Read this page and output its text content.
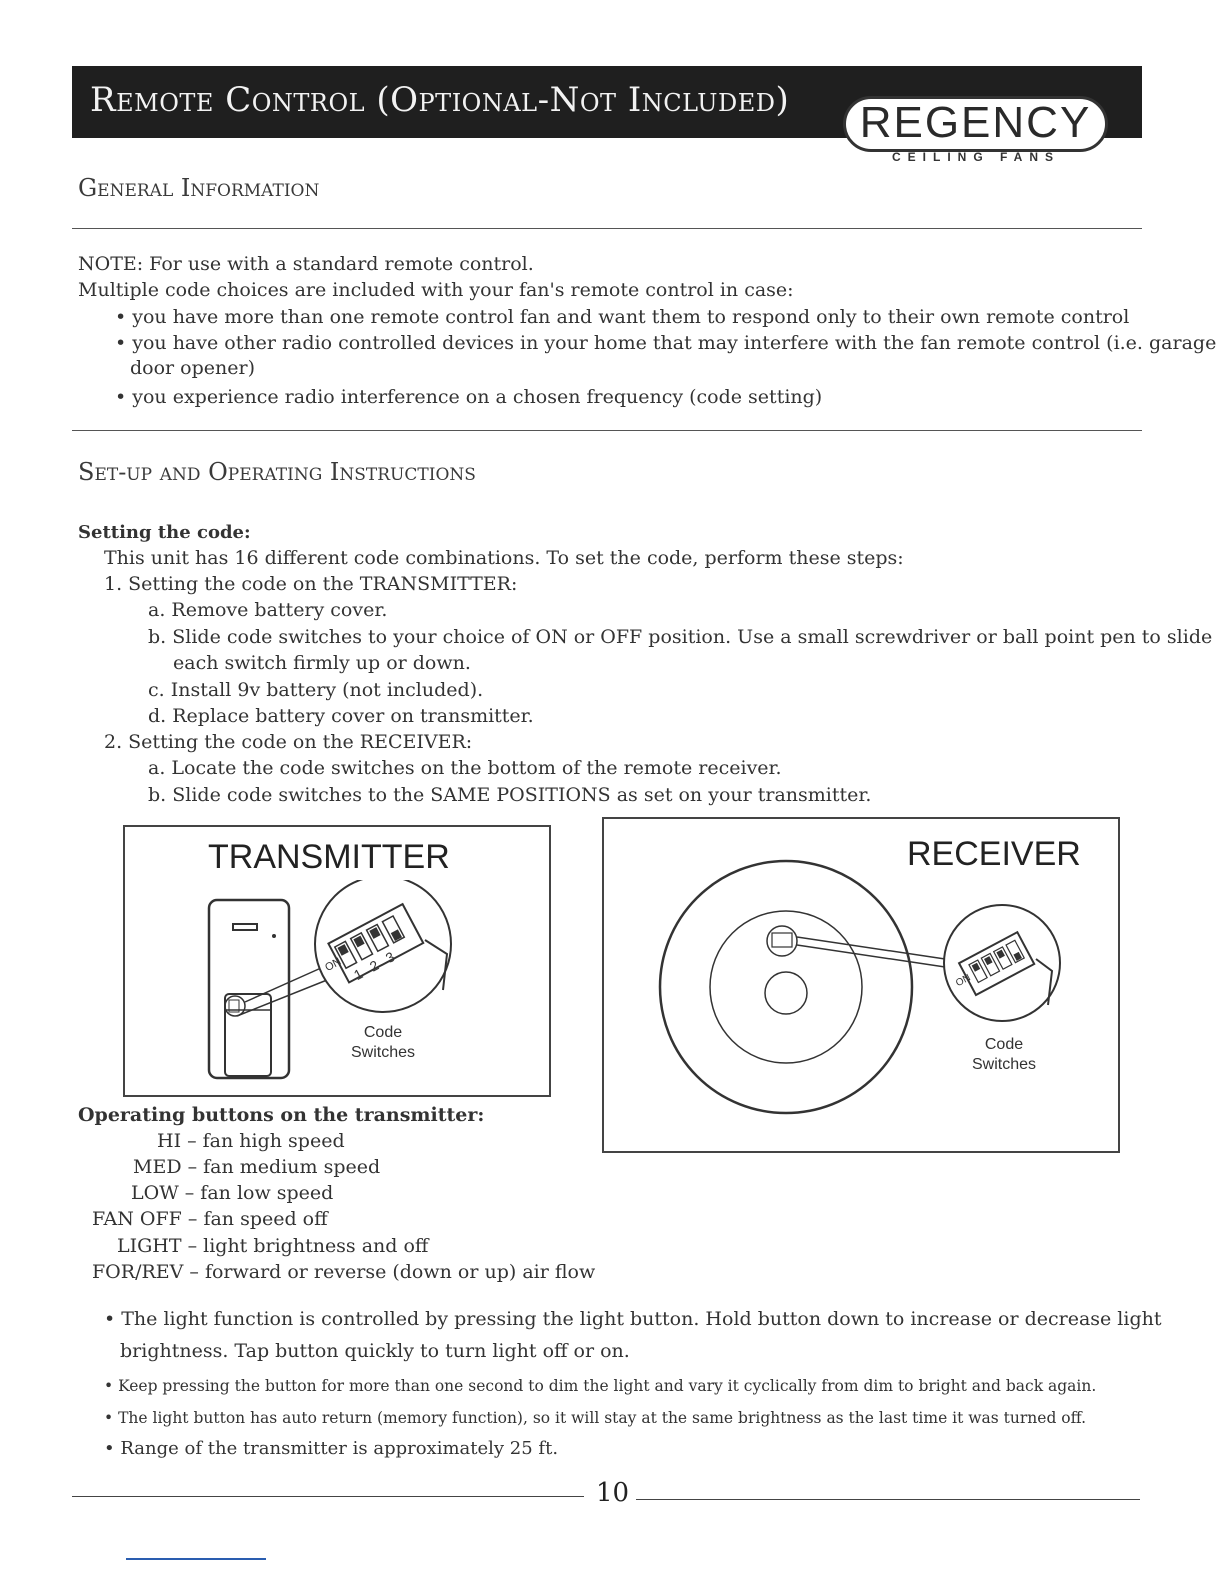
Remote Control (Optional-Not Included)	REGENCY
CEILING FANS
General Information
NOTE: For use with a standard remote control.
Multiple code choices are included with your fan's remote control in case:
• you have more than one remote control fan and want them to respond only to their own remote control
• you have other radio controlled devices in your home that may interfere with the fan remote control (i.e. garage
door opener)
• you experience radio interference on a chosen frequency (code setting)
Set-up and Operating Instructions
Setting the code:
This unit has 16 different code combinations. To set the code, perform these steps:
1. Setting the code on the TRANSMITTER:
a. Remove battery cover.
b. Slide code switches to your choice of ON or OFF position. Use a small screwdriver or ball point pen to slide
each switch firmly up or down.
c. Install 9v battery (not included).
d. Replace battery cover on transmitter.
2. Setting the code on the RECEIVER:
a. Locate the code switches on the bottom of the remote receiver.
b. Slide code switches to the SAME POSITIONS as set on your transmitter.
TRANSMITTER
ON
1 2 3
Code
Switches
RECEIVER
ON
Code
Switches
Operating buttons on the transmitter:
HI – fan high speed
MED – fan medium speed
LOW – fan low speed
FAN OFF – fan speed off
LIGHT – light brightness and off
FOR/REV – forward or reverse (down or up) air flow
• The light function is controlled by pressing the light button. Hold button down to increase or decrease light
brightness. Tap button quickly to turn light off or on.
• Keep pressing the button for more than one second to dim the light and vary it cyclically from dim to bright and back again.
• The light button has auto return (memory function), so it will stay at the same brightness as the last time it was turned off.
• Range of the transmitter is approximately 25 ft.
10
